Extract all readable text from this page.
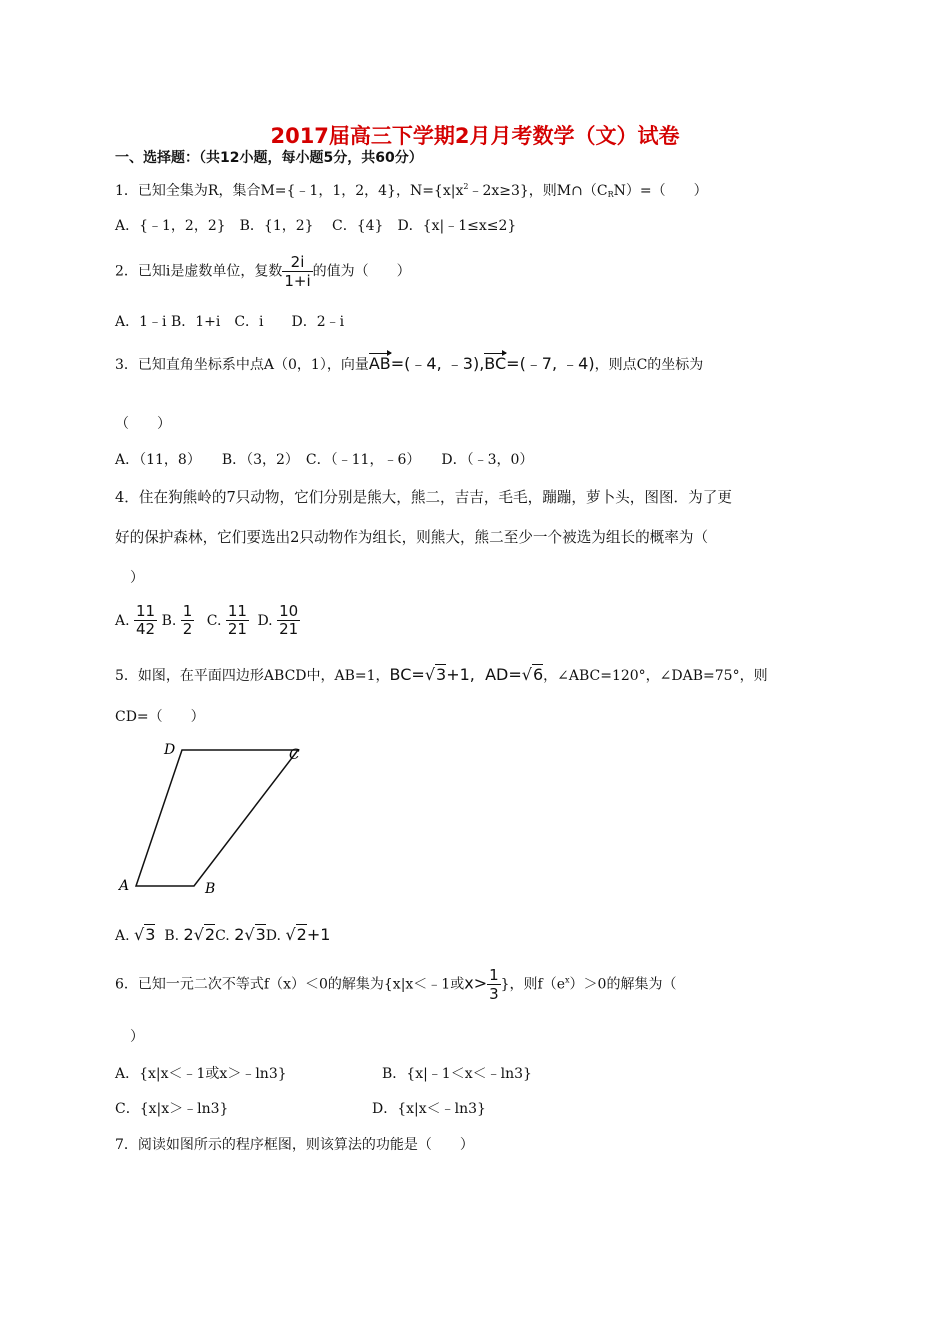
2017届高三下学期2月月考数学（文）试卷
一、选择题：（共12小题，每小题5分，共60分）
1．已知全集为R，集合M={﹣1，1，2，4}，$N=\{x|x^2﹣2x\ge 3\}$，则$M\cap(C_RN)=$（　　）
A．{﹣1，2，2}　B．{1，2}　 C．{4}　D．{x|﹣1≤x≤2}
2．已知i是虚数单位，复数 $\frac{2i}{1+i}$ 的值为（　　）
A．1﹣i B．1+i　C．i　　D．2﹣i
3．已知直角坐标系中点A（0，1），向量AB=(﹣4, ﹣3),BC=(﹣7, ﹣4)，则点C的坐标为
（　　）
A．（11，8）　　B．（3，2）　C．（﹣11，﹣6）　　D．（﹣3，0）
4．住在狗熊岭的7只动物，它们分别是熊大，熊二，吉吉，毛毛，蹦蹦，萝卜头，图图．为了更
好的保护森林，它们要选出2只动物作为组长，则熊大，熊二至少一个被选为组长的概率为（
）
A. $\frac{11}{42} B$. $\frac{1}{2} C$. $\frac{11}{21} D$. $\frac{10}{21}$
5．如图，在平面四边形ABCD中，AB=1，BC=√3+1, AD=√6，∠ABC=120°，∠DAB=75°，则
CD=（　　）
A	B
C
D
A. √3 B. 2√2C. 2√3D. √2+1
6．已知一元二次不等式f（x）＜0的解集为{x|x＜﹣1或$x> \frac{1}{3}$ }，则$f(e^x)>0$的解集为（
）
A．{x|x＜﹣1或x＞﹣ln3}	B．{x|﹣1＜x＜﹣ln3}
C．{x|x＞﹣ln3}	D．{x|x＜﹣ln3}
7．阅读如图所示的程序框图，则该算法的功能是（　　）
